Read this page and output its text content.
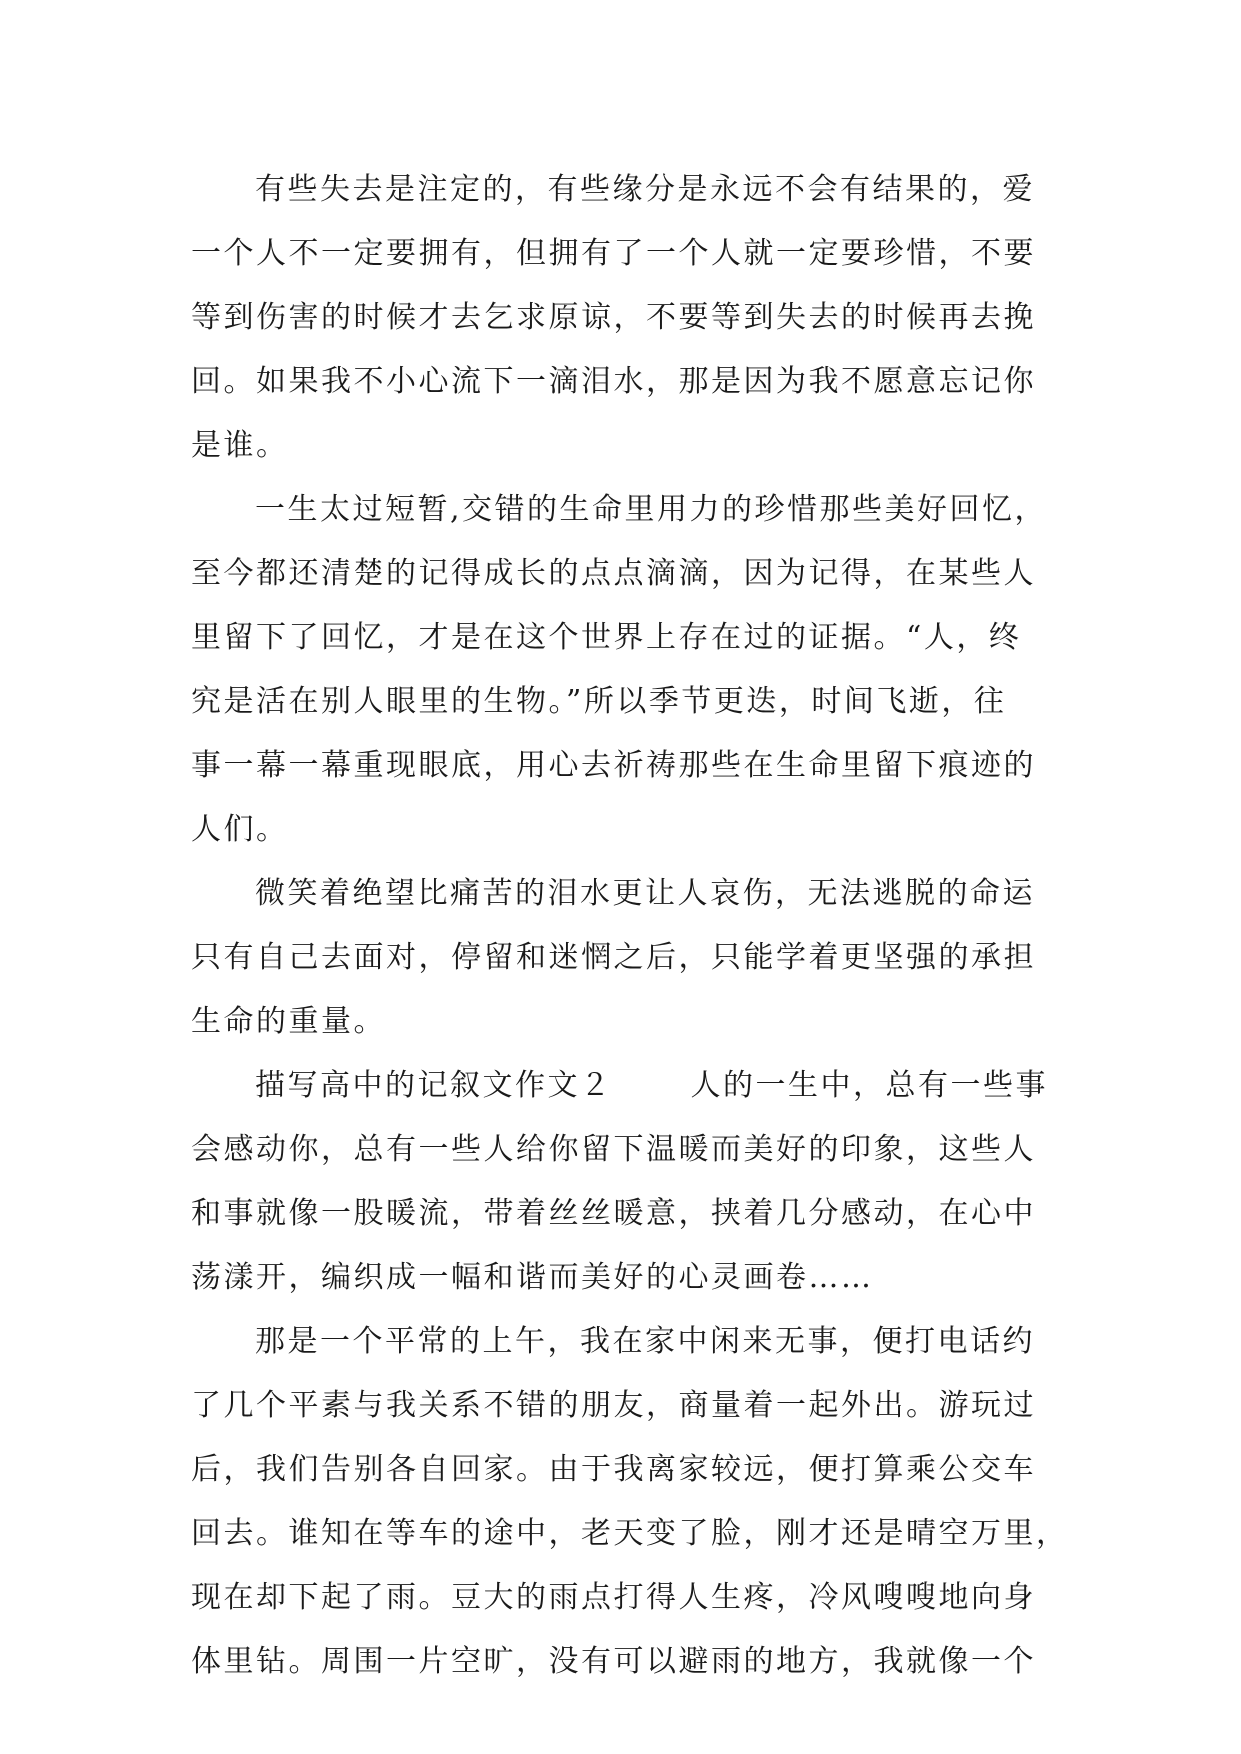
有些失去是注定的，有些缘分是永远不会有结果的，爱
一个人不一定要拥有，但拥有了一个人就一定要珍惜，不要
等到伤害的时候才去乞求原谅，不要等到失去的时候再去挽
回。如果我不小心流下一滴泪水，那是因为我不愿意忘记你
是谁。
一生太过短暂,交错的生命里用力的珍惜那些美好回忆，
至今都还清楚的记得成长的点点滴滴，因为记得，在某些人
里留下了回忆，才是在这个世界上存在过的证据。“人，终
究是活在别人眼里的生物。”所以季节更迭，时间飞逝，往
事一幕一幕重现眼底，用心去祈祷那些在生命里留下痕迹的
人们。
微笑着绝望比痛苦的泪水更让人哀伤，无法逃脱的命运
只有自己去面对，停留和迷惘之后，只能学着更坚强的承担
生命的重量。
描写高中的记叙文作文２	人的一生中，总有一些事
会感动你，总有一些人给你留下温暖而美好的印象，这些人
和事就像一股暖流，带着丝丝暖意，挟着几分感动，在心中
荡漾开，编织成一幅和谐而美好的心灵画卷……
那是一个平常的上午，我在家中闲来无事，便打电话约
了几个平素与我关系不错的朋友，商量着一起外出。游玩过
后，我们告别各自回家。由于我离家较远，便打算乘公交车
回去。谁知在等车的途中，老天变了脸，刚才还是晴空万里，
现在却下起了雨。豆大的雨点打得人生疼，冷风嗖嗖地向身
体里钻。周围一片空旷，没有可以避雨的地方，我就像一个
